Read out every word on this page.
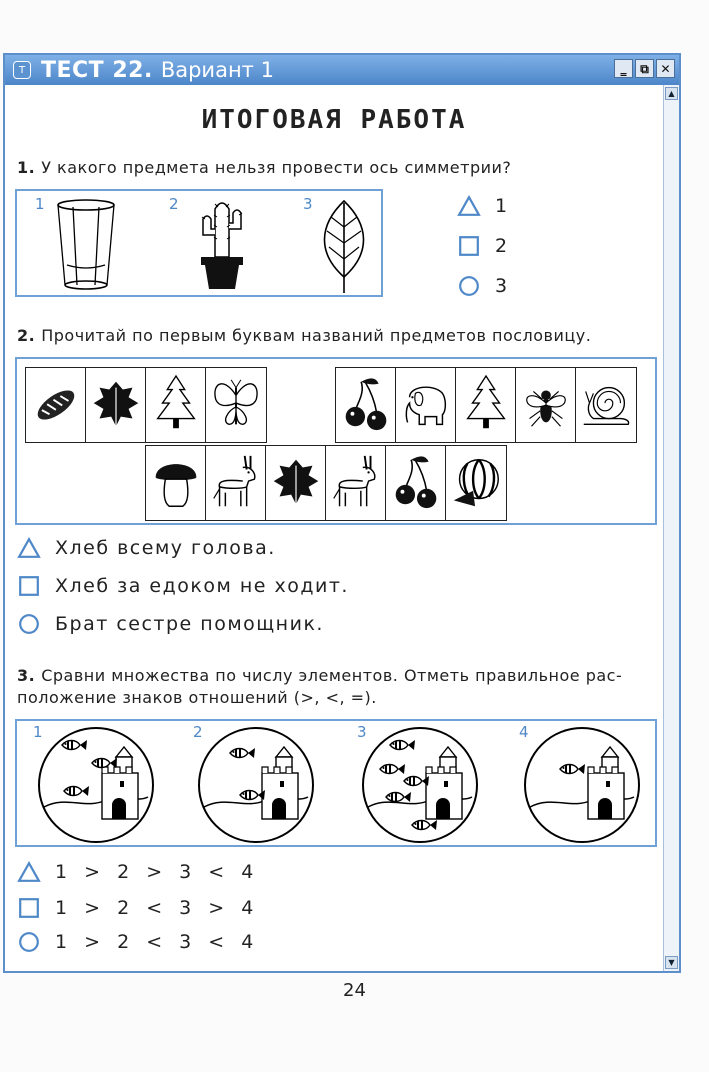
Т ТЕСТ 22. Вариант 1	‗	⧉ ✕
▲
▼
ИТОГОВАЯ РАБОТА
1. У какого предмета нельзя провести ось симметрии?
1	2	3	1
2
3
2. Прочитай по первым буквам названий предметов пословицу.
Хлеб всему голова.
Хлеб за едоком не ходит.
Брат сестре помощник.
3. Сравни множества по числу элементов. Отметь правильное рас-
положение знаков отношений (>, <, =).
1	2	3	4
1 > 2 > 3 < 4
1 > 2 < 3 > 4
1 > 2 < 3 < 4
24
